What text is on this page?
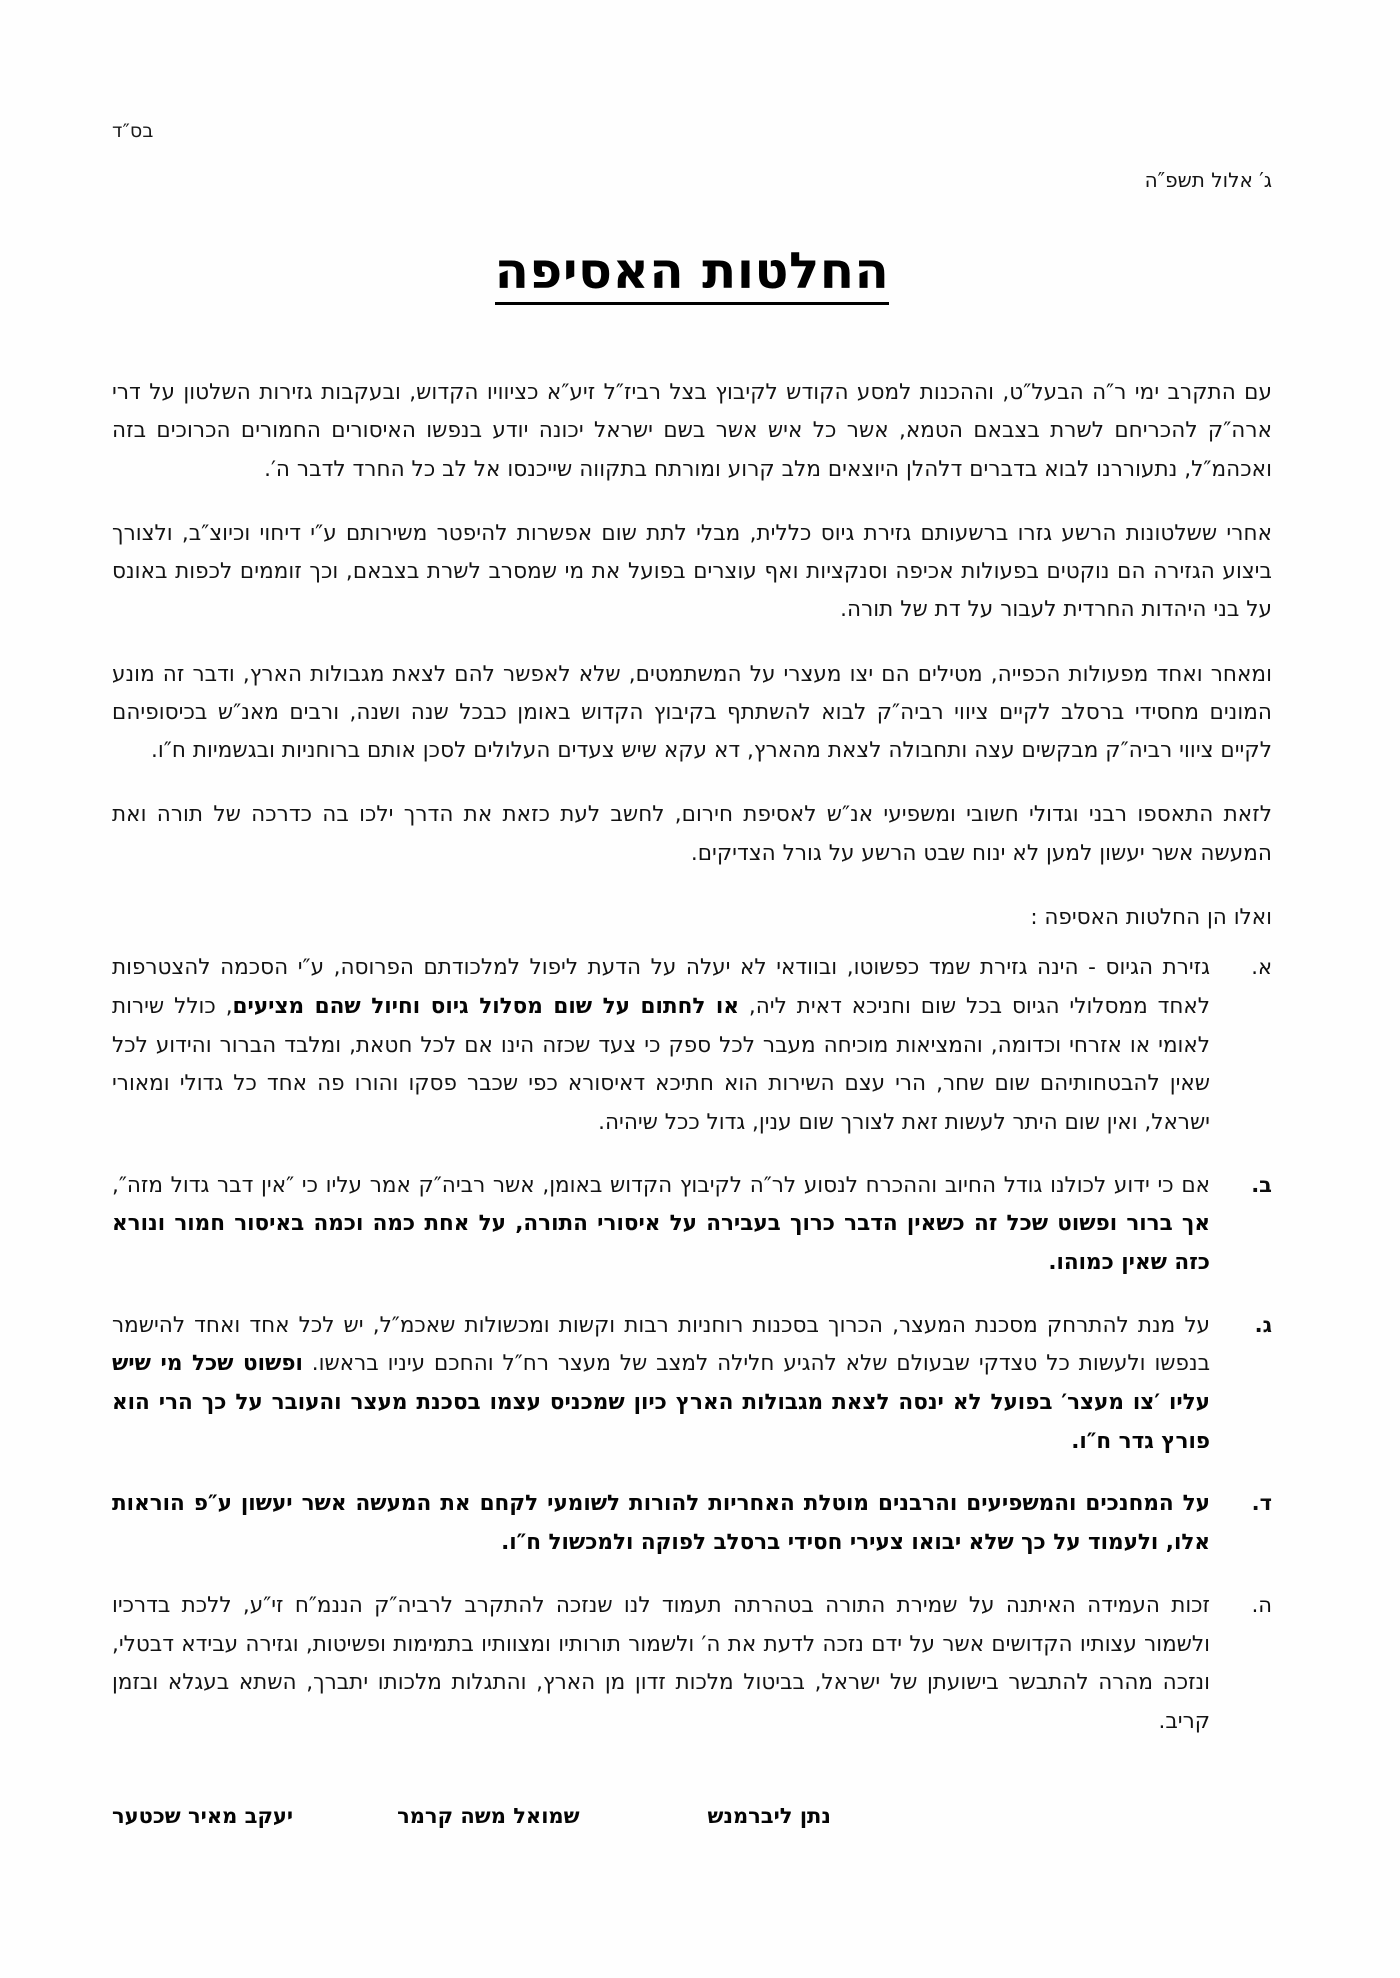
בס″ד
ג′ אלול תשפ″ה
החלטות האסיפה

עם התקרב ימי ר″ה הבעל″ט, וההכנות למסע הקודש לקיבוץ בצל רביז″ל זיע″א כציוויו הקדוש, ובעקבות גזירות השלטון על דרי ארה″ק להכריחם לשרת בצבאם הטמא, אשר כל איש אשר בשם ישראל יכונה יודע בנפשו האיסורים החמורים הכרוכים בזה ואכהמ″ל, נתעוררנו לבוא בדברים דלהלן היוצאים מלב קרוע ומורתח בתקווה שייכנסו אל לב כל החרד לדבר ה′.

אחרי ששלטונות הרשע גזרו ברשעותם גזירת גיוס כללית, מבלי לתת שום אפשרות להיפטר משירותם ע″י דיחוי וכיוצ″ב, ולצורך ביצוע הגזירה הם נוקטים בפעולות אכיפה וסנקציות ואף עוצרים בפועל את מי שמסרב לשרת בצבאם, וכך זוממים לכפות באונס על בני היהדות החרדית לעבור על דת של תורה.

ומאחר ואחד מפעולות הכפייה, מטילים הם יצו מעצרי על המשתמטים, שלא לאפשר להם לצאת מגבולות הארץ, ודבר זה מונע המונים מחסידי ברסלב לקיים ציווי רביה″ק לבוא להשתתף בקיבוץ הקדוש באומן כבכל שנה ושנה, ורבים מאנ″ש בכיסופיהם לקיים ציווי רביה″ק מבקשים עצה ותחבולה לצאת מהארץ, דא עקא שיש צעדים העלולים לסכן אותם ברוחניות ובגשמיות ח″ו.

לזאת התאספו רבני וגדולי חשובי ומשפיעי אנ″ש לאסיפת חירום, לחשב לעת כזאת את הדרך ילכו בה כדרכה של תורה ואת המעשה אשר יעשון למען לא ינוח שבט הרשע על גורל הצדיקים.

ואלו הן החלטות האסיפה :
א.
גזירת הגיוס - הינה גזירת שמד כפשוטו, ובוודאי לא יעלה על הדעת ליפול למלכודתם הפרוסה, ע″י הסכמה להצטרפות לאחד ממסלולי הגיוס בכל שום וחניכא דאית ליה, או לחתום על שום מסלול גיוס וחיול שהם מציעים, כולל שירות לאומי או אזרחי וכדומה, והמציאות מוכיחה מעבר לכל ספק כי צעד שכזה הינו אם לכל חטאת, ומלבד הברור והידוע לכל שאין להבטחותיהם שום שחר, הרי עצם השירות הוא חתיכא דאיסורא כפי שכבר פסקו והורו פה אחד כל גדולי ומאורי ישראל, ואין שום היתר לעשות זאת לצורך שום ענין, גדול ככל שיהיה.
ב.
אם כי ידוע לכולנו גודל החיוב וההכרח לנסוע לר″ה לקיבוץ הקדוש באומן, אשר רביה″ק אמר עליו כי ″אין דבר גדול מזה″, אך ברור ופשוט שכל זה כשאין הדבר כרוך בעבירה על איסורי התורה, על אחת כמה וכמה באיסור חמור ונורא כזה שאין כמוהו.
ג.
על מנת להתרחק מסכנת המעצר, הכרוך בסכנות רוחניות רבות וקשות ומכשולות שאכמ″ל, יש לכל אחד ואחד להישמר בנפשו ולעשות כל טצדקי שבעולם שלא להגיע חלילה למצב של מעצר רח″ל והחכם עיניו בראשו. ופשוט שכל מי שיש עליו ′צו מעצר′ בפועל לא ינסה לצאת מגבולות הארץ כיון שמכניס עצמו בסכנת מעצר והעובר על כך הרי הוא פורץ גדר ח″ו.
ד.
על המחנכים והמשפיעים והרבנים מוטלת האחריות להורות לשומעי לקחם את המעשה אשר יעשון ע″פ הוראות אלו, ולעמוד על כך שלא יבואו צעירי חסידי ברסלב לפוקה ולמכשול ח″ו.
ה.
זכות העמידה האיתנה על שמירת התורה בטהרתה תעמוד לנו שנזכה להתקרב לרביה″ק הננמ″ח זי″ע, ללכת בדרכיו ולשמור עצותיו הקדושים אשר על ידם נזכה לדעת את ה′ ולשמור תורותיו ומצוותיו בתמימות ופשיטות, וגזירה עבידא דבטלי, ונזכה מהרה להתבשר בישועתן של ישראל, בביטול מלכות זדון מן הארץ, והתגלות מלכותו יתברך, השתא בעגלא ובזמן קריב.
יעקב מאיר שכטער	שמואל משה קרמר	נתן ליברמנש
